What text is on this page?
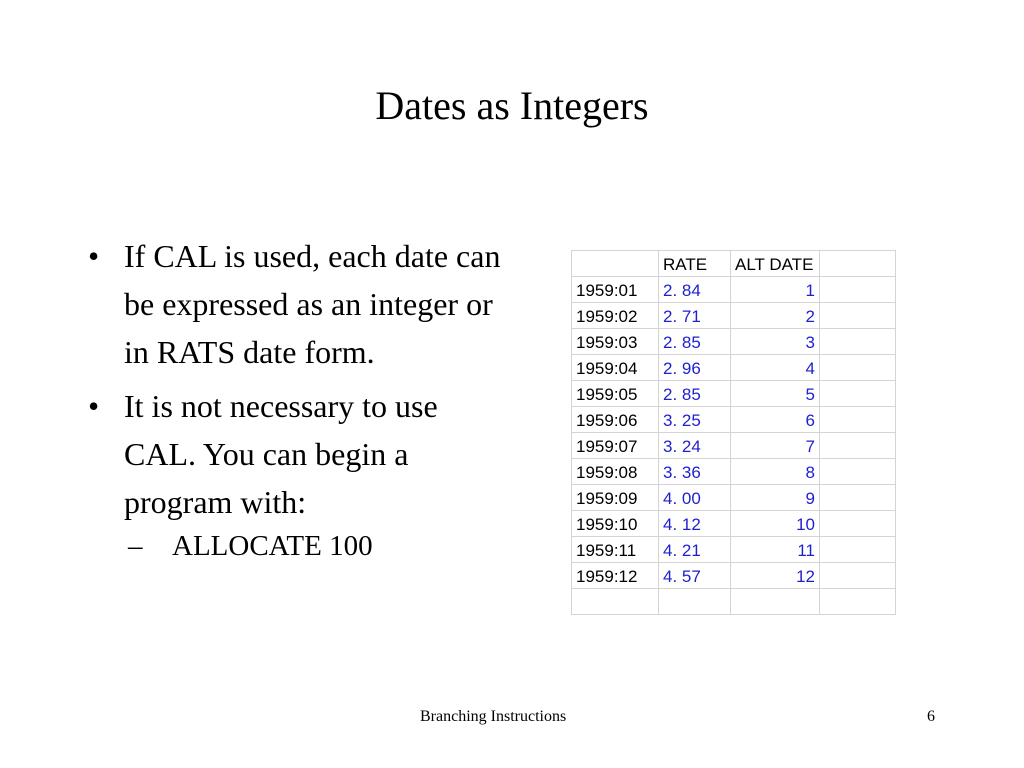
Dates as Integers
• If CAL is used, each date can be expressed as an integer or in RATS date form.
• It is not necessary to use CAL. You can begin a program with:
– ALLOCATE 100
	RATE	ALT DATE	
1959:01	2. 84	1	
1959:02	2. 71	2	
1959:03	2. 85	3	
1959:04	2. 96	4	
1959:05	2. 85	5	
1959:06	3. 25	6	
1959:07	3. 24	7	
1959:08	3. 36	8	
1959:09	4. 00	9	
1959:10	4. 12	10	
1959:11	4. 21	11	
1959:12	4. 57	12	

Branching Instructions	6
